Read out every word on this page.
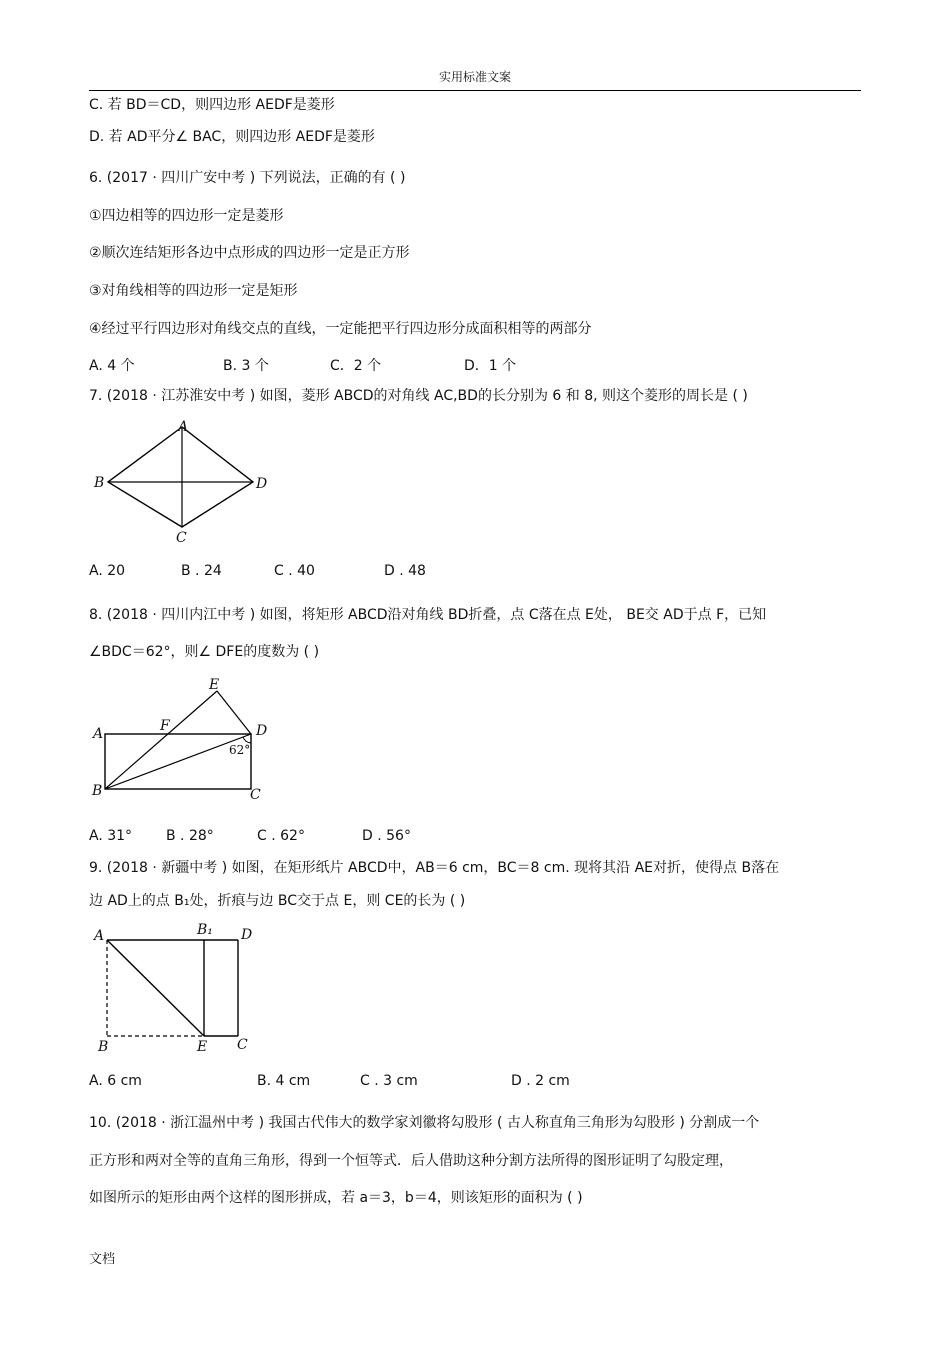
实用标准文案
C. 若 BD＝CD，则四边形 AEDF是菱形
D. 若 AD平分∠ BAC，则四边形 AEDF是菱形
6. (2017 · 四川广安中考 ) 下列说法，正确的有 ( )
①四边相等的四边形一定是菱形
②顺次连结矩形各边中点形成的四边形一定是正方形
③对角线相等的四边形一定是矩形
④经过平行四边形对角线交点的直线，一定能把平行四边形分成面积相等的两部分
A. 4 个	B. 3 个	C．2 个	D．1 个
7. (2018 · 江苏淮安中考 ) 如图，菱形 ABCD的对角线 AC,BD的长分别为 6 和 8, 则这个菱形的周长是 ( )
A
B
C
D
A. 20	B . 24	C . 40	D . 48
8. (2018 · 四川内江中考 ) 如图，将矩形 ABCD沿对角线 BD折叠，点 C落在点 E处， BE交 AD于点 F，已知
∠BDC＝62°，则∠ DFE的度数为 ( )
E
F
A	D
62°
B	C
A. 31° B . 28°	C . 62°	D . 56°
9. (2018 · 新疆中考 ) 如图，在矩形纸片 ABCD中，AB＝6 cm，BC＝8 cm. 现将其沿 AE对折，使得点 B落在
边 AD上的点 B₁处，折痕与边 BC交于点 E，则 CE的长为 ( )
A	B₁ D
B	E C
A. 6 cm	B. 4 cm	C . 3 cm	D . 2 cm
10. (2018 · 浙江温州中考 ) 我国古代伟大的数学家刘徽将勾股形 ( 古人称直角三角形为勾股形 ) 分割成一个
正方形和两对全等的直角三角形，得到一个恒等式．后人借助这种分割方法所得的图形证明了勾股定理，
如图所示的矩形由两个这样的图形拼成，若 a＝3，b＝4，则该矩形的面积为 ( )
文档
